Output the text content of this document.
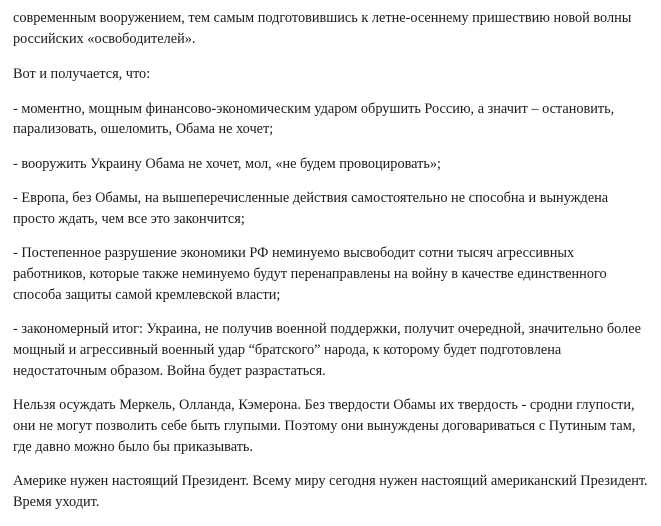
современным вооружением, тем самым подготовившись к летне-осеннему пришествию новой волны российских «освободителей».

Вот и получается, что:

- моментно, мощным финансово-экономическим ударом обрушить Россию, а значит – остановить, парализовать, ошеломить, Обама не хочет;

- вооружить Украину Обама не хочет, мол, «не будем провоцировать»;

- Европа, без Обамы, на вышеперечисленные действия самостоятельно не способна и вынуждена просто ждать, чем все это закончится;

- Постепенное разрушение экономики РФ неминуемо высвободит сотни тысяч агрессивных работников, которые также неминуемо будут перенаправлены на войну в качестве единственного способа защиты самой кремлевской власти;

- закономерный итог: Украина, не получив военной поддержки, получит очередной, значительно более мощный и агрессивный военный удар “братского” народа, к которому будет подготовлена недостаточным образом. Война будет разрастаться.

Нельзя осуждать Меркель, Олланда, Кэмерона. Без твердости Обамы их твердость - сродни глупости, они не могут позволить себе быть глупыми. Поэтому они вынуждены договариваться с Путиным там, где давно можно было бы приказывать.

Америке нужен настоящий Президент. Всему миру сегодня нужен настоящий американский Президент. Время уходит.
